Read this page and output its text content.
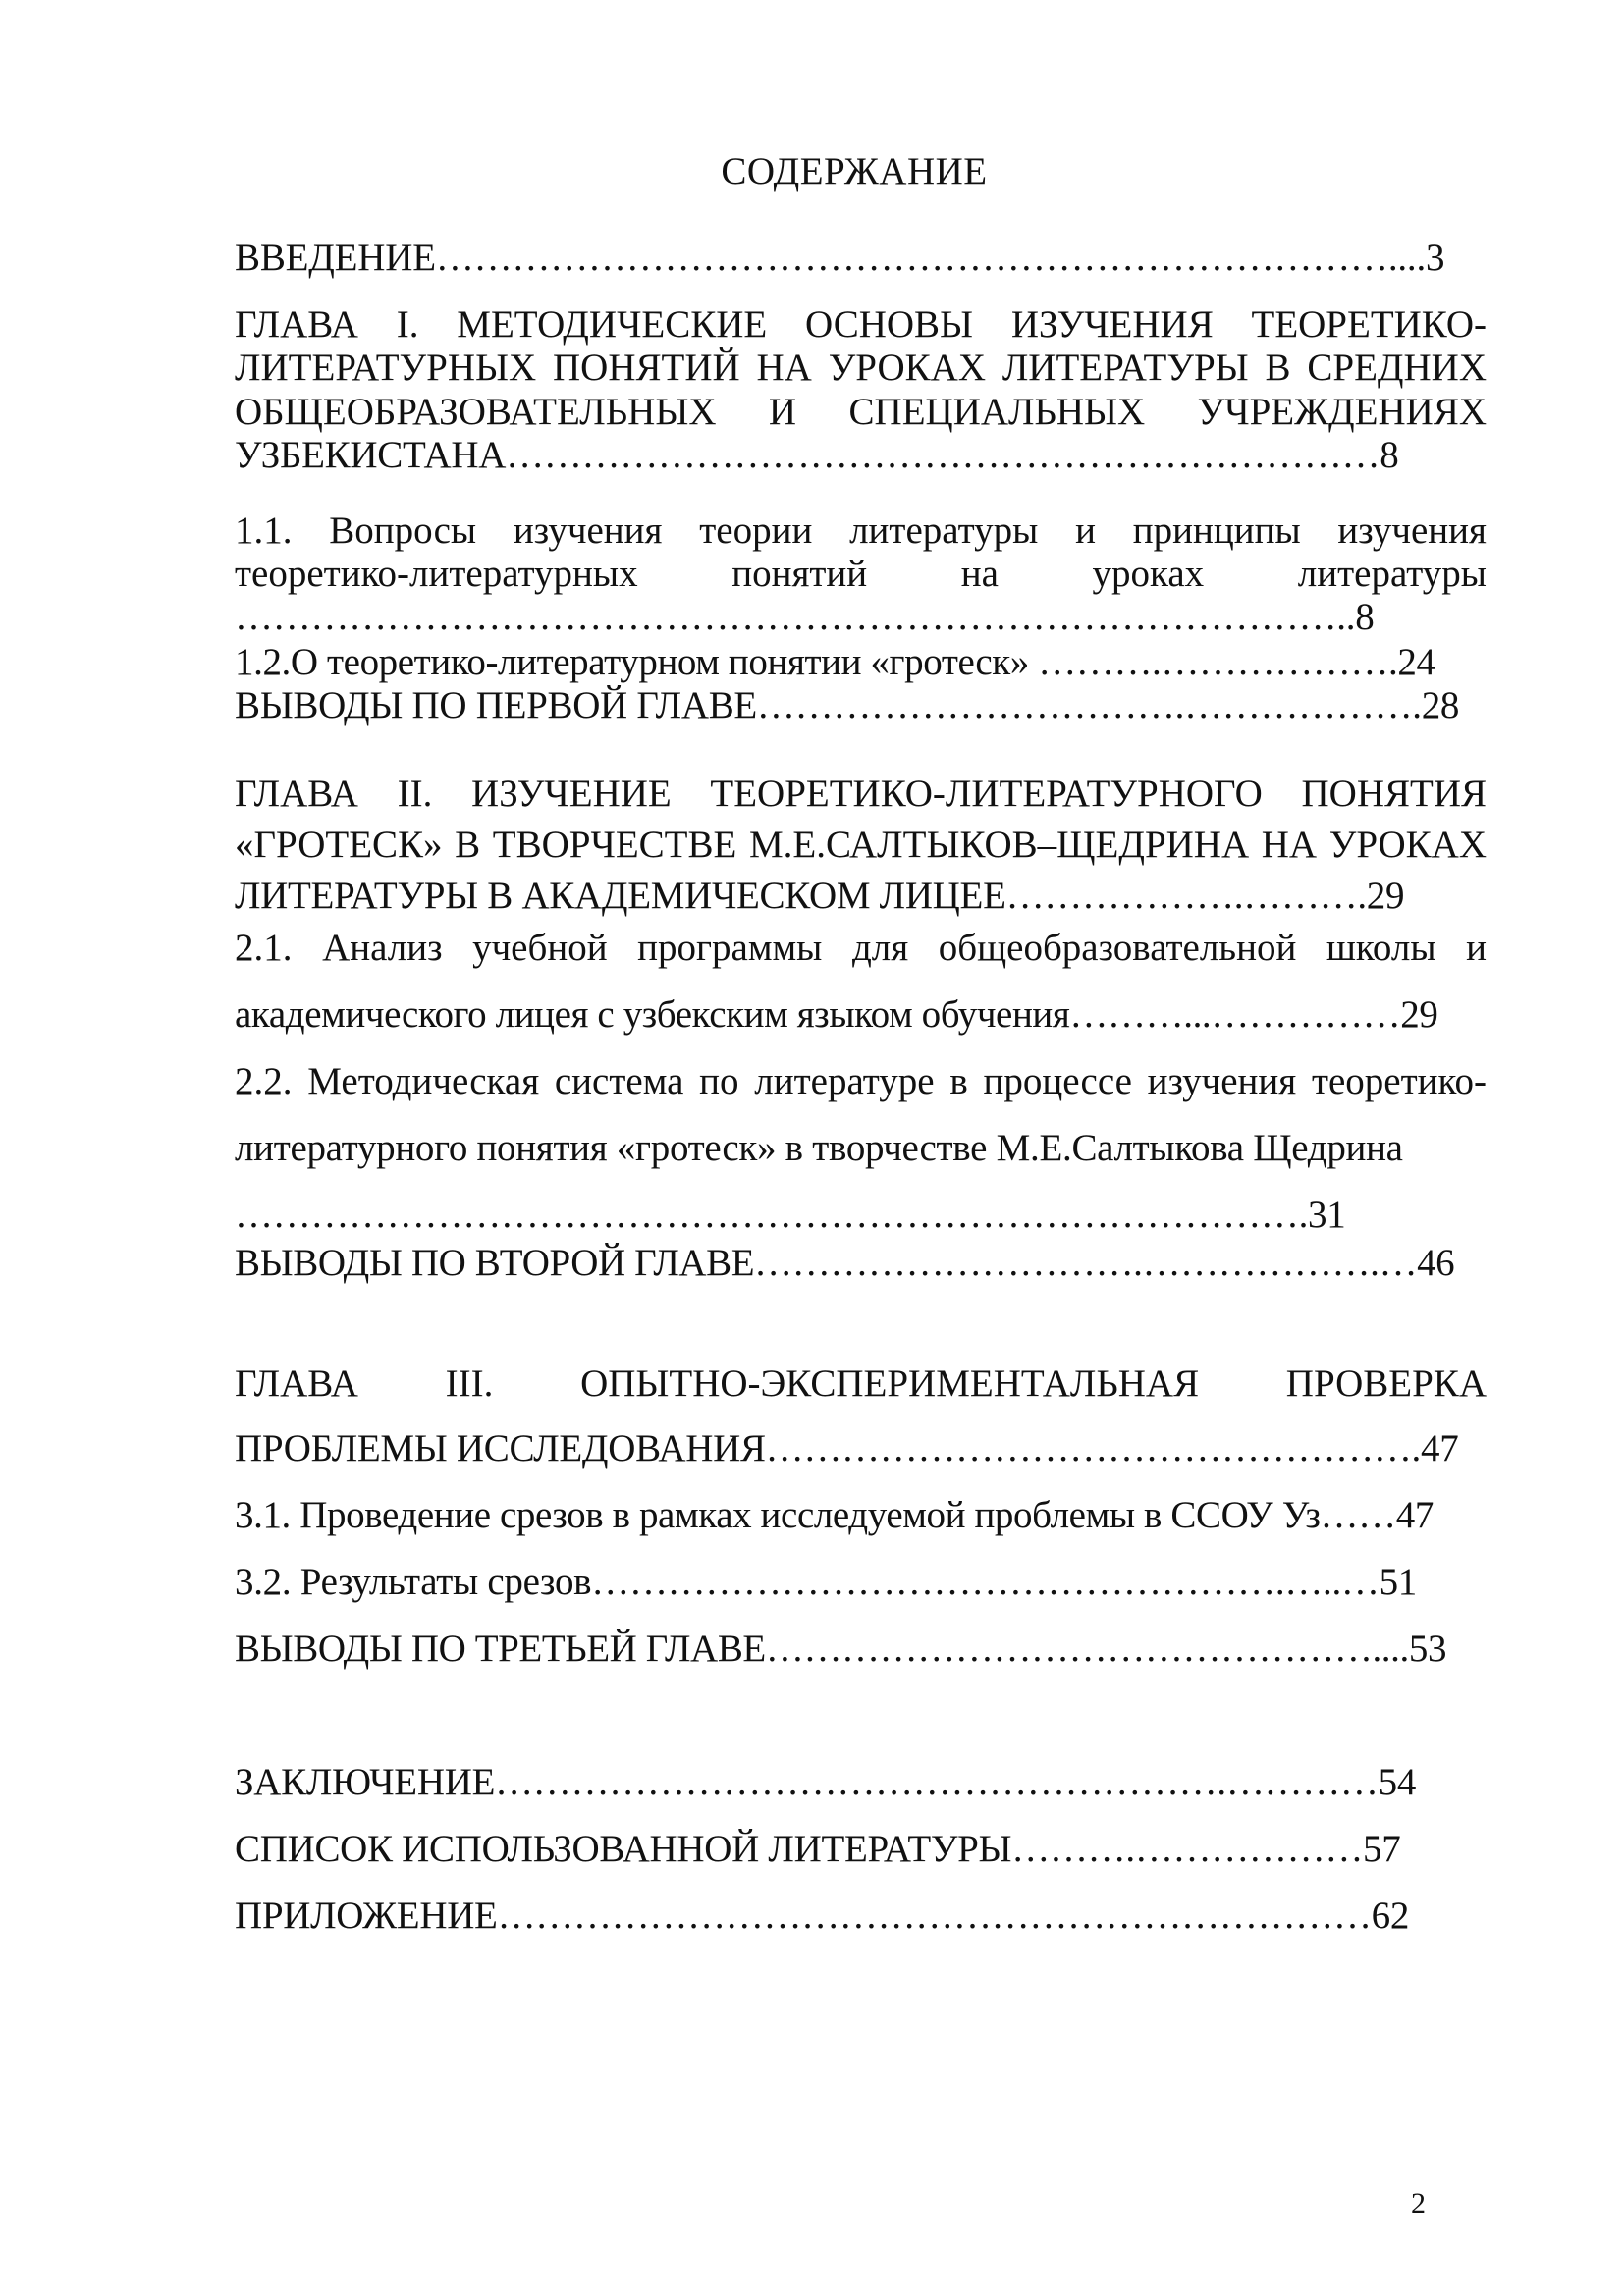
СОДЕРЖАНИЕ
ВВЕДЕНИЕ…………………………………………………………………....3
ГЛАВА I. МЕТОДИЧЕСКИЕ ОСНОВЫ ИЗУЧЕНИЯ ТЕОРЕТИКО-
ЛИТЕРАТУРНЫХ ПОНЯТИЙ НА УРОКАХ ЛИТЕРАТУРЫ В СРЕДНИХ
ОБЩЕОБРАЗОВАТЕЛЬНЫХ И СПЕЦИАЛЬНЫХ УЧРЕЖДЕНИЯХ
УЗБЕКИСТАНА……………………………………………………………8
1.1. Вопросы изучения теории литературы и принципы изучения
теоретико-литературных понятий на уроках литературы
……………………………………………………………………………..8
1.2.О теоретико-литературном понятии «гротеск» ……….……………….24
ВЫВОДЫ ПО ПЕРВОЙ ГЛАВЕ…………………………….……………….28
ГЛАВА II. ИЗУЧЕНИЕ ТЕОРЕТИКО-ЛИТЕРАТУРНОГО ПОНЯТИЯ
«ГРОТЕСК» В ТВОРЧЕСТВЕ М.Е.САЛТЫКОВ–ЩЕДРИНА НА УРОКАХ
ЛИТЕРАТУРЫ В АКАДЕМИЧЕСКОМ ЛИЦЕЕ……………….……….29
2.1. Анализ учебной программы для общеобразовательной школы и
академического лицея с узбекским языком обучения………...……………29
2.2. Методическая система по литературе в процессе изучения теоретико-
литературного понятия «гротеск» в творчестве М.Е.Салтыкова Щедрина
………………………………………………………………………….31
ВЫВОДЫ ПО ВТОРОЙ ГЛАВЕ………………………….……………….…46
ГЛАВА III. ОПЫТНО-ЭКСПЕРИМЕНТАЛЬНАЯ ПРОВЕРКА
ПРОБЛЕМЫ ИССЛЕДОВАНИЯ…………………………………………….47
3.1. Проведение срезов в рамках исследуемой проблемы в ССОУ Уз……47
3.2. Результаты срезов……………………………………………….…..…51
ВЫВОДЫ ПО ТРЕТЬЕЙ ГЛАВЕ…………………………………………....53
ЗАКЛЮЧЕНИЕ………………………………………………….…………54
СПИСОК ИСПОЛЬЗОВАННОЙ ЛИТЕРАТУРЫ……….………………57
ПРИЛОЖЕНИЕ……………………………………………………………62
2
